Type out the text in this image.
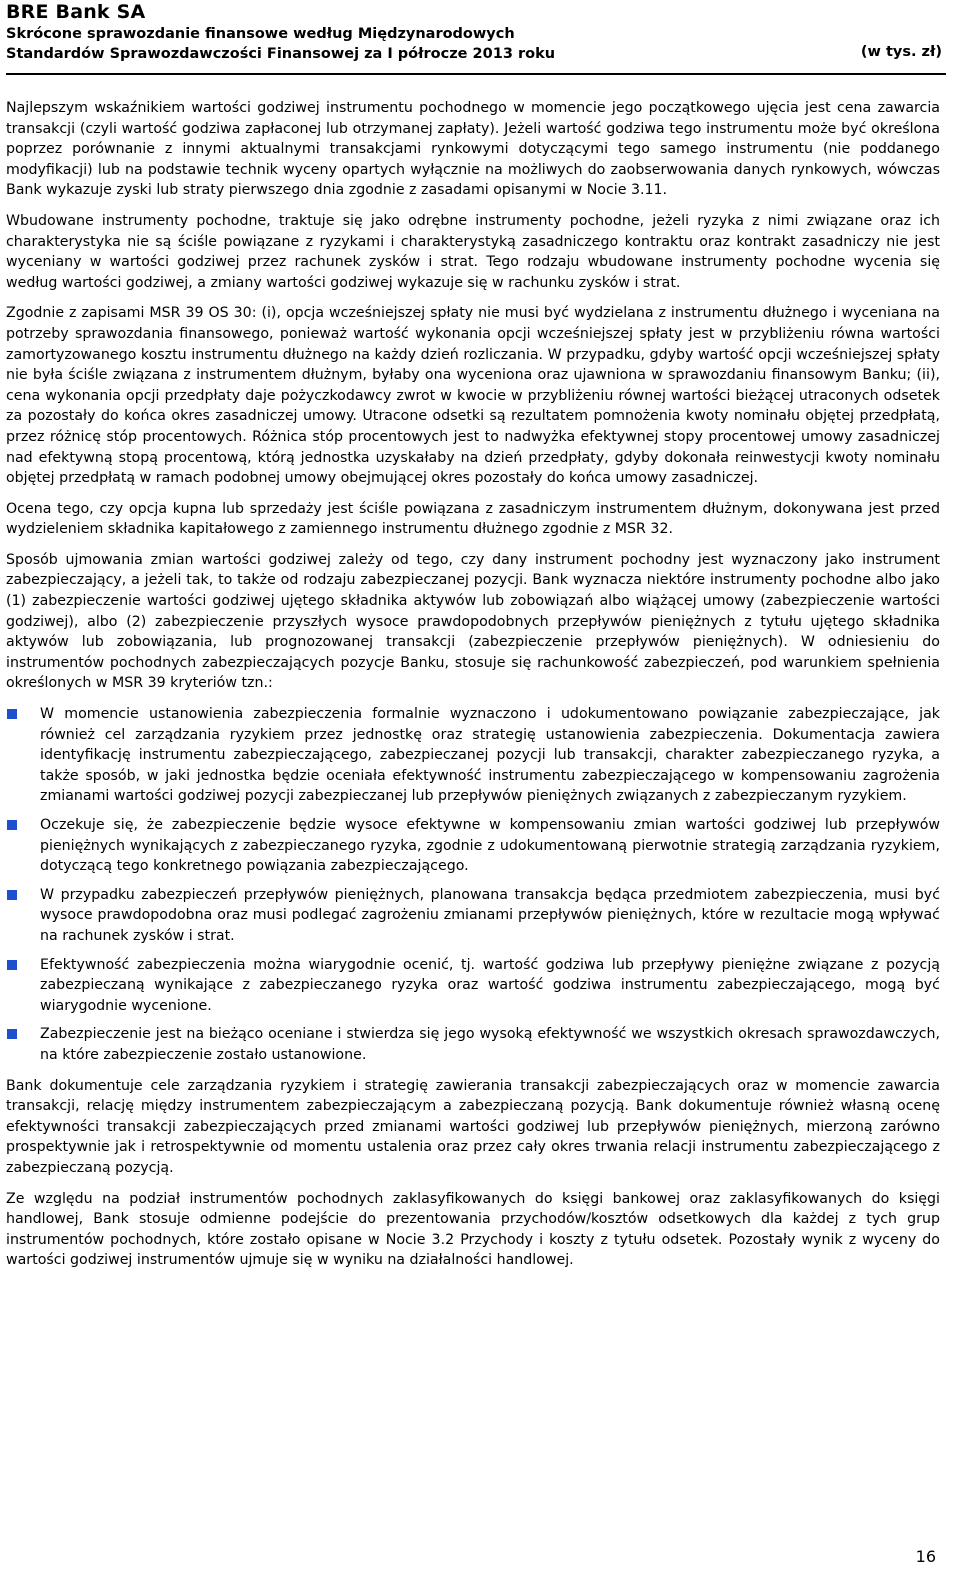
BRE Bank SA
Skrócone sprawozdanie finansowe według Międzynarodowych
Standardów Sprawozdawczości Finansowej za I półrocze 2013 roku	(w tys. zł)

Najlepszym wskaźnikiem wartości godziwej instrumentu pochodnego w momencie jego początkowego ujęcia jest cena zawarcia transakcji (czyli wartość godziwa zapłaconej lub otrzymanej zapłaty). Jeżeli wartość godziwa tego instrumentu może być określona poprzez porównanie z innymi aktualnymi transakcjami rynkowymi dotyczącymi tego samego instrumentu (nie poddanego modyfikacji) lub na podstawie technik wyceny opartych wyłącznie na możliwych do zaobserwowania danych rynkowych, wówczas Bank wykazuje zyski lub straty pierwszego dnia zgodnie z zasadami opisanymi w Nocie 3.11.

Wbudowane instrumenty pochodne, traktuje się jako odrębne instrumenty pochodne, jeżeli ryzyka z nimi związane oraz ich charakterystyka nie są ściśle powiązane z ryzykami i charakterystyką zasadniczego kontraktu oraz kontrakt zasadniczy nie jest wyceniany w wartości godziwej przez rachunek zysków i strat. Tego rodzaju wbudowane instrumenty pochodne wycenia się według wartości godziwej, a zmiany wartości godziwej wykazuje się w rachunku zysków i strat.

Zgodnie z zapisami MSR 39 OS 30: (i), opcja wcześniejszej spłaty nie musi być wydzielana z instrumentu dłużnego i wyceniana na potrzeby sprawozdania finansowego, ponieważ wartość wykonania opcji wcześniejszej spłaty jest w przybliżeniu równa wartości zamortyzowanego kosztu instrumentu dłużnego na każdy dzień rozliczania. W przypadku, gdyby wartość opcji wcześniejszej spłaty nie była ściśle związana z instrumentem dłużnym, byłaby ona wyceniona oraz ujawniona w sprawozdaniu finansowym Banku; (ii), cena wykonania opcji przedpłaty daje pożyczkodawcy zwrot w kwocie w przybliżeniu równej wartości bieżącej utraconych odsetek za pozostały do końca okres zasadniczej umowy. Utracone odsetki są rezultatem pomnożenia kwoty nominału objętej przedpłatą, przez różnicę stóp procentowych. Różnica stóp procentowych jest to nadwyżka efektywnej stopy procentowej umowy zasadniczej nad efektywną stopą procentową, którą jednostka uzyskałaby na dzień przedpłaty, gdyby dokonała reinwestycji kwoty nominału objętej przedpłatą w ramach podobnej umowy obejmującej okres pozostały do końca umowy zasadniczej.

Ocena tego, czy opcja kupna lub sprzedaży jest ściśle powiązana z zasadniczym instrumentem dłużnym, dokonywana jest przed wydzieleniem składnika kapitałowego z zamiennego instrumentu dłużnego zgodnie z MSR 32.

Sposób ujmowania zmian wartości godziwej zależy od tego, czy dany instrument pochodny jest wyznaczony jako instrument zabezpieczający, a jeżeli tak, to także od rodzaju zabezpieczanej pozycji. Bank wyznacza niektóre instrumenty pochodne albo jako (1) zabezpieczenie wartości godziwej ujętego składnika aktywów lub zobowiązań albo wiążącej umowy (zabezpieczenie wartości godziwej), albo (2) zabezpieczenie przyszłych wysoce prawdopodobnych przepływów pieniężnych z tytułu ujętego składnika aktywów lub zobowiązania, lub prognozowanej transakcji (zabezpieczenie przepływów pieniężnych). W odniesieniu do instrumentów pochodnych zabezpieczających pozycje Banku, stosuje się rachunkowość zabezpieczeń, pod warunkiem spełnienia określonych w MSR 39 kryteriów tzn.:

W momencie ustanowienia zabezpieczenia formalnie wyznaczono i udokumentowano powiązanie zabezpieczające, jak również cel zarządzania ryzykiem przez jednostkę oraz strategię ustanowienia zabezpieczenia. Dokumentacja zawiera identyfikację instrumentu zabezpieczającego, zabezpieczanej pozycji lub transakcji, charakter zabezpieczanego ryzyka, a także sposób, w jaki jednostka będzie oceniała efektywność instrumentu zabezpieczającego w kompensowaniu zagrożenia zmianami wartości godziwej pozycji zabezpieczanej lub przepływów pieniężnych związanych z zabezpieczanym ryzykiem.
Oczekuje się, że zabezpieczenie będzie wysoce efektywne w kompensowaniu zmian wartości godziwej lub przepływów pieniężnych wynikających z zabezpieczanego ryzyka, zgodnie z udokumentowaną pierwotnie strategią zarządzania ryzykiem, dotyczącą tego konkretnego powiązania zabezpieczającego.
W przypadku zabezpieczeń przepływów pieniężnych, planowana transakcja będąca przedmiotem zabezpieczenia, musi być wysoce prawdopodobna oraz musi podlegać zagrożeniu zmianami przepływów pieniężnych, które w rezultacie mogą wpływać na rachunek zysków i strat.
Efektywność zabezpieczenia można wiarygodnie ocenić, tj. wartość godziwa lub przepływy pieniężne związane z pozycją zabezpieczaną wynikające z zabezpieczanego ryzyka oraz wartość godziwa instrumentu zabezpieczającego, mogą być wiarygodnie wycenione.
Zabezpieczenie jest na bieżąco oceniane i stwierdza się jego wysoką efektywność we wszystkich okresach sprawozdawczych, na które zabezpieczenie zostało ustanowione.

Bank dokumentuje cele zarządzania ryzykiem i strategię zawierania transakcji zabezpieczających oraz w momencie zawarcia transakcji, relację między instrumentem zabezpieczającym a zabezpieczaną pozycją. Bank dokumentuje również własną ocenę efektywności transakcji zabezpieczających przed zmianami wartości godziwej lub przepływów pieniężnych, mierzoną zarówno prospektywnie jak i retrospektywnie od momentu ustalenia oraz przez cały okres trwania relacji instrumentu zabezpieczającego z zabezpieczaną pozycją.

Ze względu na podział instrumentów pochodnych zaklasyfikowanych do księgi bankowej oraz zaklasyfikowanych do księgi handlowej, Bank stosuje odmienne podejście do prezentowania przychodów/kosztów odsetkowych dla każdej z tych grup instrumentów pochodnych, które zostało opisane w Nocie 3.2 Przychody i koszty z tytułu odsetek. Pozostały wynik z wyceny do wartości godziwej instrumentów ujmuje się w wyniku na działalności handlowej.

16
